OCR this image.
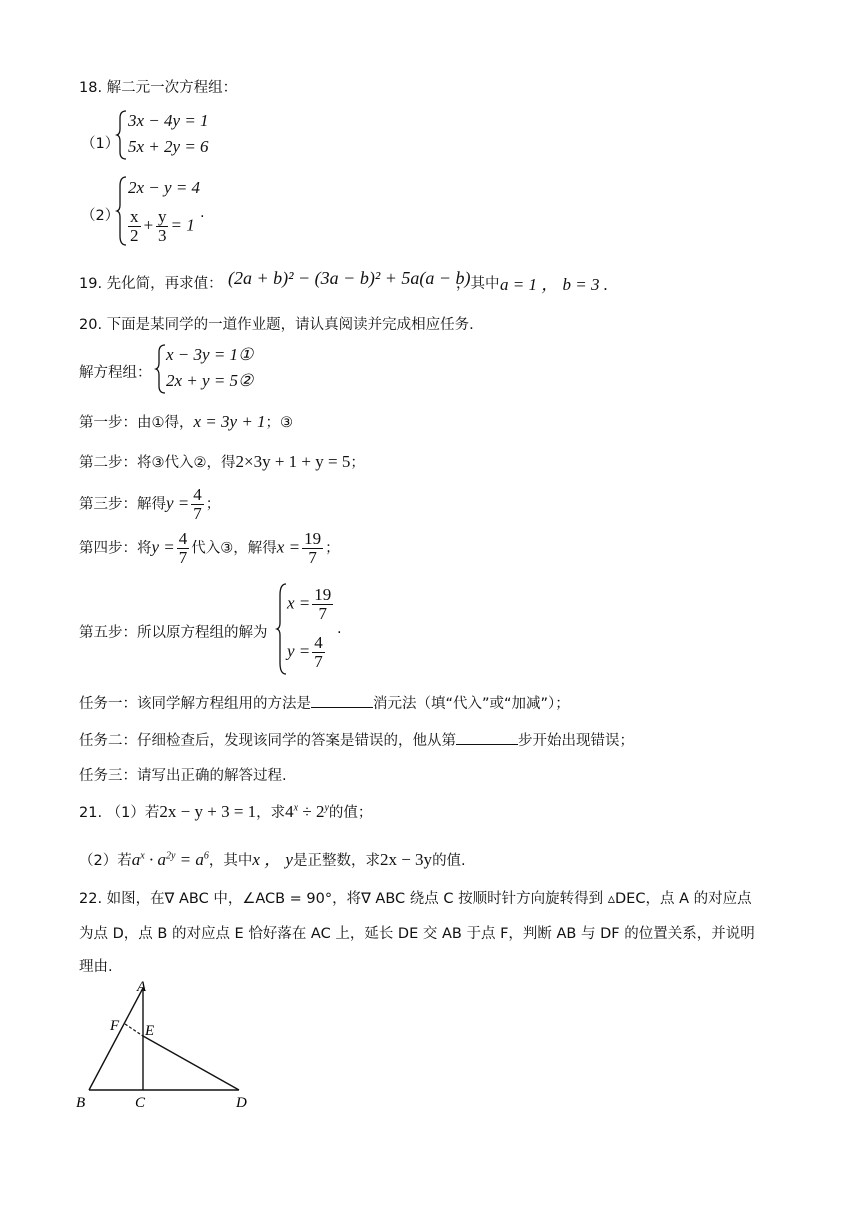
18. 解二元一次方程组：
（1）
3x − 4y = 1
5x + 2y = 6
（2）
2x − y = 4
$\frac{x}{2} + \frac{y}{3} = 1$
.
19. 先化简，再求值： (2a + b)² − (3a − b)² + 5a(a − b)
，其中 a = 1 ， b = 3 .
20. 下面是某同学的一道作业题，请认真阅读并完成相应任务.
解方程组：
x − 3y = 1①
2x + y = 5②
第一步：由①得，x = 3y + 1；③
第二步：将③代入②，得2×3y + 1 + y = 5；
第三步：解得$y = \frac{4}{7}$ ；
第四步：将$y = \frac{4}{7}$ 代入③，解得$x = \frac{19}{7}$ ；
第五步：所以原方程组的解为
$x = \frac{19}{7}$
$y = \frac{4}{7}$
.
任务一：该同学解方程组用的方法是	消元法（填“代入”或“加减”）；
任务二：仔细检查后，发现该同学的答案是错误的，他从第	步开始出现错误；
任务三：请写出正确的解答过程.
21. （1）若2x − y + 3 = 1，求$4^x \div 2^y$的值；
（2）若$a^x \cdot a^{2y} = a^6$，其中x ， y是正整数，求2x − 3y的值.
22. 如图，在∇ ABC 中，∠ACB = 90°，将∇ ABC 绕点 C 按顺时针方向旋转得到 ▵DEC，点 A 的对应点
为点 D，点 B 的对应点 E 恰好落在 AC 上，延长 DE 交 AB 于点 F，判断 AB 与 DF 的位置关系，并说明
理由.
A
F E
B	C	D
